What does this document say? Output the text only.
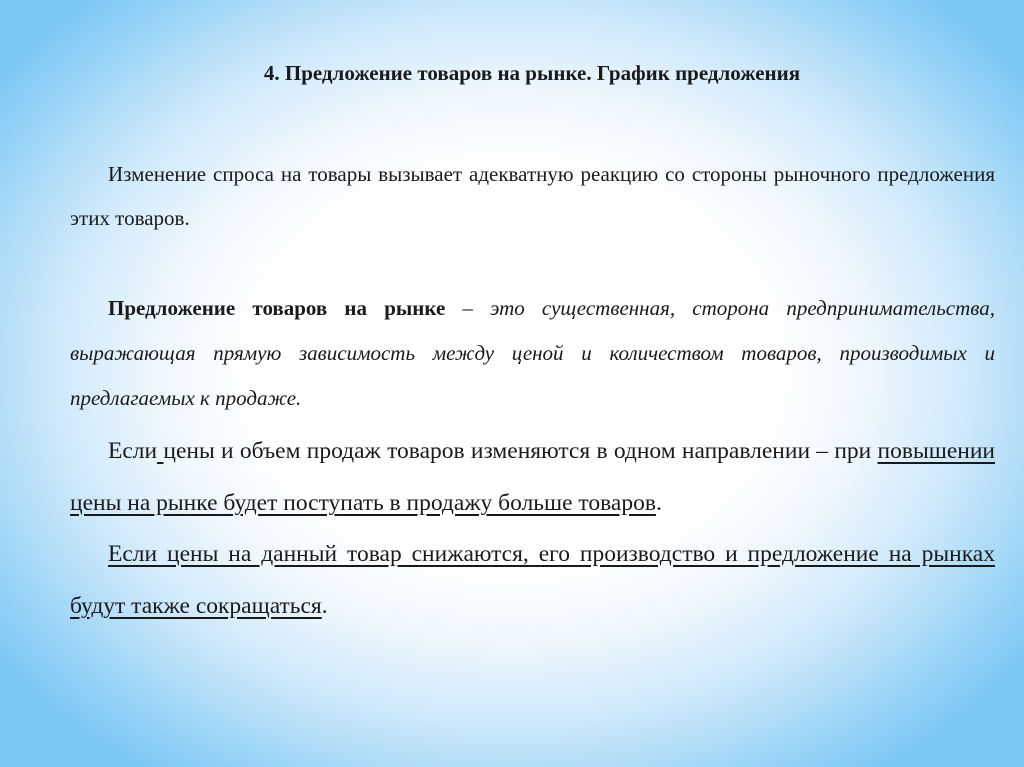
4. Предложение товаров на рынке. График предложения
Изменение спроса на товары вызывает адекватную реакцию со стороны рыночного предложения этих товаров.
Предложение товаров на рынке – это существенная, сторона предпринимательства, выражающая прямую зависимость между ценой и количеством товаров, производимых и предлагаемых к продаже.
Если цены и объем продаж товаров изменяются в одном направлении – при повышении цены на рынке будет поступать в продажу больше товаров.
Если цены на данный товар снижаются, его производство и предложение на рынках будут также сокращаться.
